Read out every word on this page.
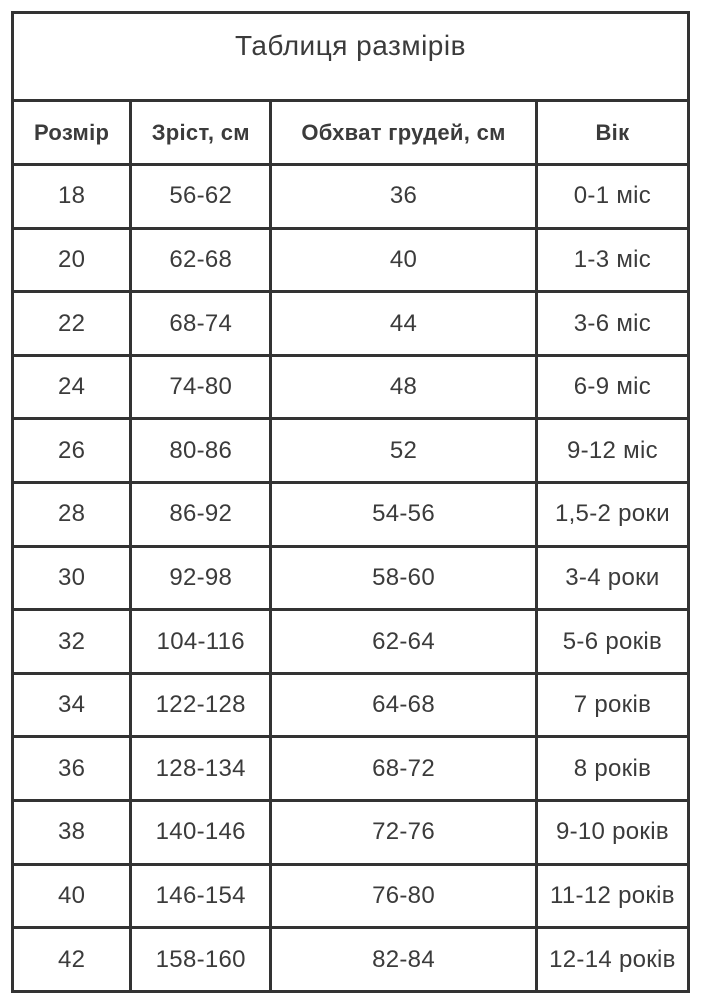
Таблиця размірів			
Розмір	Зріст, см	Обхват грудей, см	Вік
18	56-62	36	0-1 міс
20	62-68	40	1-3 міс
22	68-74	44	3-6 міс
24	74-80	48	6-9 міс
26	80-86	52	9-12 міс
28	86-92	54-56	1,5-2 роки
30	92-98	58-60	3-4 роки
32	104-116	62-64	5-6 років
34	122-128	64-68	7 років
36	128-134	68-72	8 років
38	140-146	72-76	9-10 років
40	146-154	76-80	11-12 років
42	158-160	82-84	12-14 років
